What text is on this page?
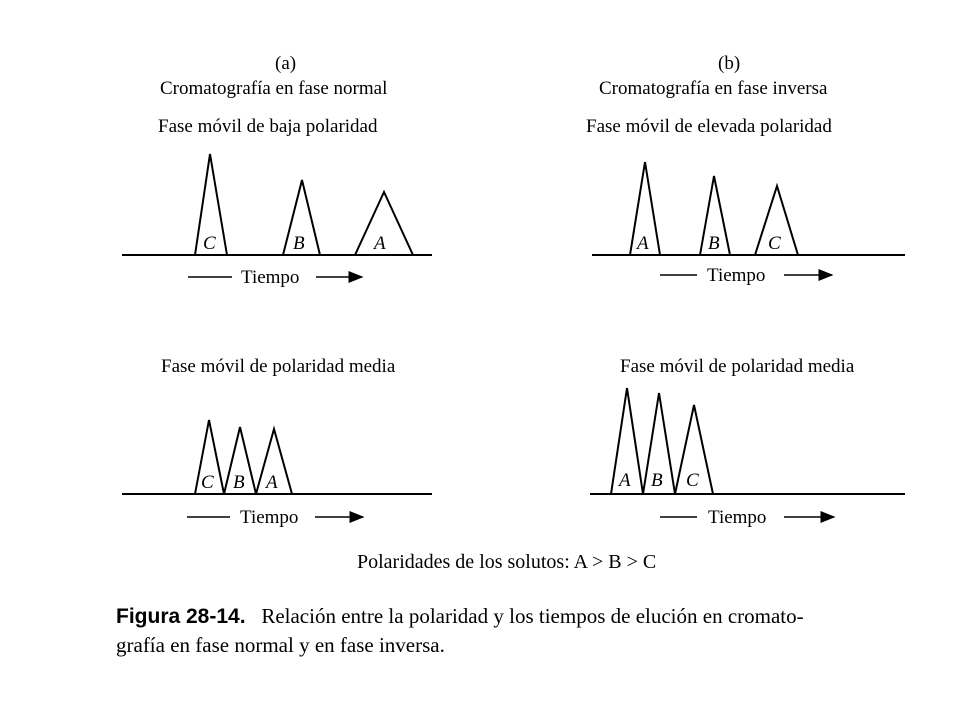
(a)
Cromatografía en fase normal
Fase móvil de baja polaridad
(b)
Cromatografía en fase inversa
Fase móvil de elevada polaridad
Fase móvil de polaridad media	Fase móvil de polaridad media
C	B	A
Tiempo
A	B	C
Tiempo
C B A
Tiempo
A B C
Tiempo
Polaridades de los solutos: A > B > C
Figura 28-14. Relación entre la polaridad y los tiempos de elución en cromato-
grafía en fase normal y en fase inversa.
